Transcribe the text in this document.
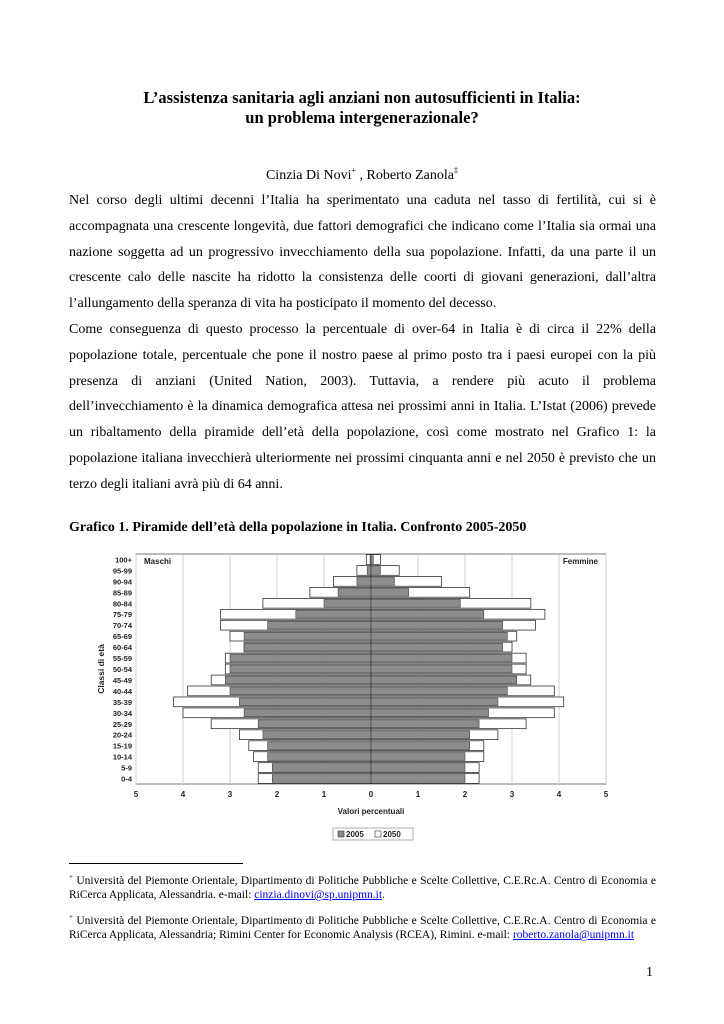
L’assistenza sanitaria agli anziani non autosufficienti in Italia:
un problema intergenerazionale?
Cinzia Di Novi+ , Roberto Zanola‡

Nel corso degli ultimi decenni l’Italia ha sperimentato una caduta nel tasso di fertilità, cui si è accompagnata una crescente longevità, due fattori demografici che indicano come l’Italia sia ormai una nazione soggetta ad un progressivo invecchiamento della sua popolazione. Infatti, da una parte il un crescente calo delle nascite ha ridotto la consistenza delle coorti di giovani generazioni, dall’altra l’allungamento della speranza di vita ha posticipato il momento del decesso.

Come conseguenza di questo processo la percentuale di over-64 in Italia è di circa il 22% della popolazione totale, percentuale che pone il nostro paese al primo posto tra i paesi europei con la più presenza di anziani (United Nation, 2003). Tuttavia, a rendere più acuto il problema dell’invecchiamento è la dinamica demografica attesa nei prossimi anni in Italia. L’Istat (2006) prevede un ribaltamento della piramide dell’età della popolazione, così come mostrato nel Grafico 1: la popolazione italiana invecchierà ulteriormente nei prossimi cinquanta anni e nel 2050 è previsto che un terzo degli italiani avrà più di 64 anni.

Grafico 1. Piramide dell’età della popolazione in Italia. Confronto 2005-2050
100+
95-99
90-94
85-89
80-84
75-79
70-74
65-69
60-64
55-59
50-54
45-49
40-44
35-39
30-34
25-29
20-24
15-19
10-14
5-9
0-4
Maschi	Femmine
5	4	3	2	1	0	1	2	3	4	5
Valori percentuali
Classi di età
2005 2050

+ Università del Piemonte Orientale, Dipartimento di Politiche Pubbliche e Scelte Collettive, C.E.Rc.A. Centro di Economia e RiCerca Applicata, Alessandria. e-mail: cinzia.dinovi@sp.unipmn.it.

+ Università del Piemonte Orientale, Dipartimento di Politiche Pubbliche e Scelte Collettive, C.E.Rc.A. Centro di Economia e RiCerca Applicata, Alessandria; Rimini Center for Economic Analysis (RCEA), Rimini. e-mail: roberto.zanola@unipmn.it

1
